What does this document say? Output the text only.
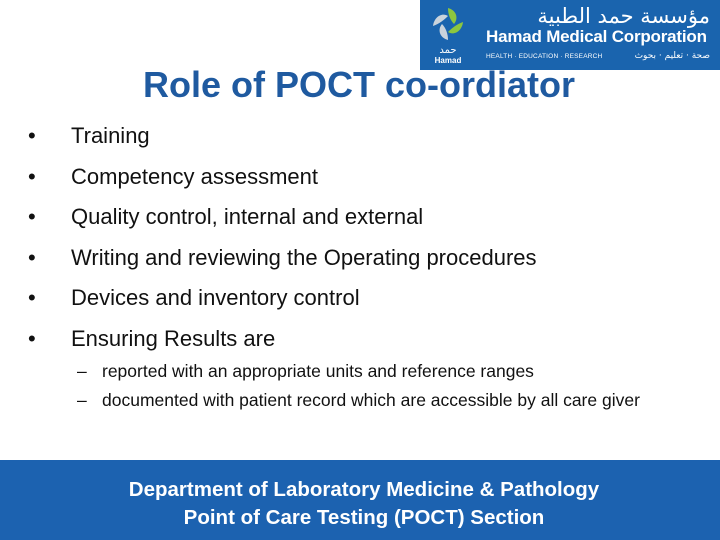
حمد
Hamad
مؤسسة حمد الطبية
Hamad Medical Corporation
HEALTH · EDUCATION · RESEARCH	صحة · تعليم · بحوث
Role of POCT co-ordiator
• Training
• Competency assessment
• Quality control, internal and external
• Writing and reviewing the Operating procedures
• Devices and inventory control
• Ensuring Results are
– reported with an appropriate units and reference ranges
– documented with patient record which are accessible by all care giver
Department of Laboratory Medicine & Pathology
Point of Care Testing (POCT) Section
